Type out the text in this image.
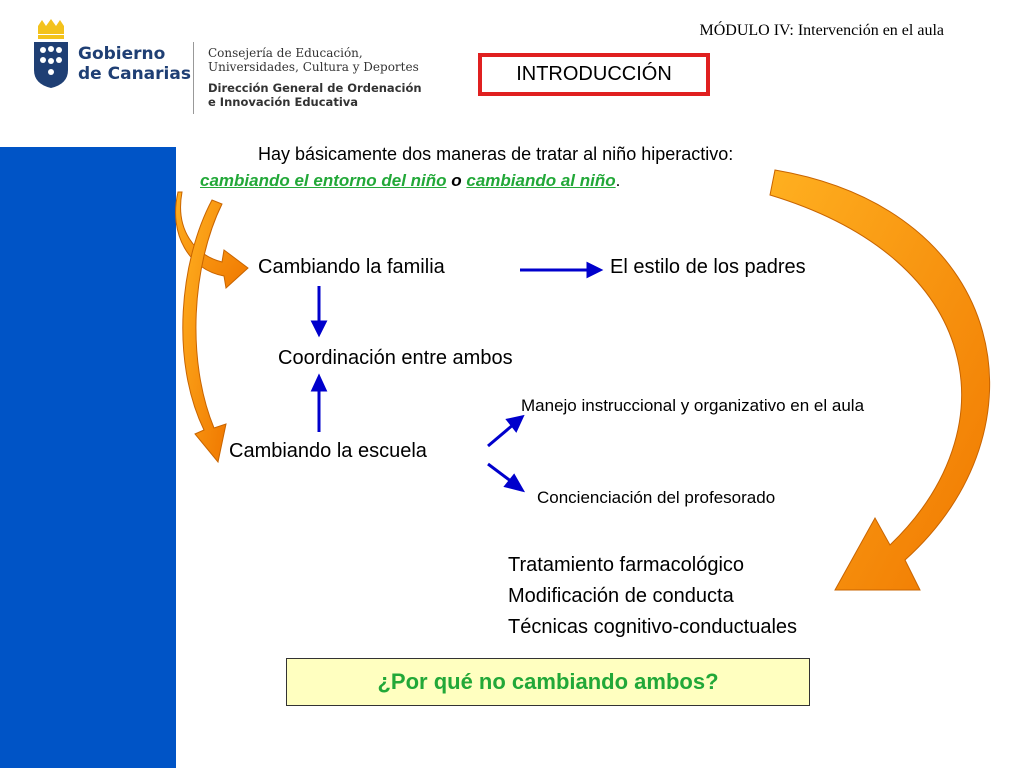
MÓDULO IV: Intervención en el aula
Gobierno
de Canarias
Consejería de Educación,
Universidades, Cultura y Deportes
Dirección General de Ordenación
e Innovación Educativa
INTRODUCCIÓN
Hay básicamente dos maneras de tratar al niño hiperactivo:
cambiando el entorno del niño o cambiando al niño.
Cambiando la familia	El estilo de los padres
Coordinación entre ambos
Cambiando la escuela
Manejo instruccional y organizativo en el aula
Concienciación del profesorado
Tratamiento farmacológico
Modificación de conducta
Técnicas cognitivo-conductuales
¿Por qué no cambiando ambos?
